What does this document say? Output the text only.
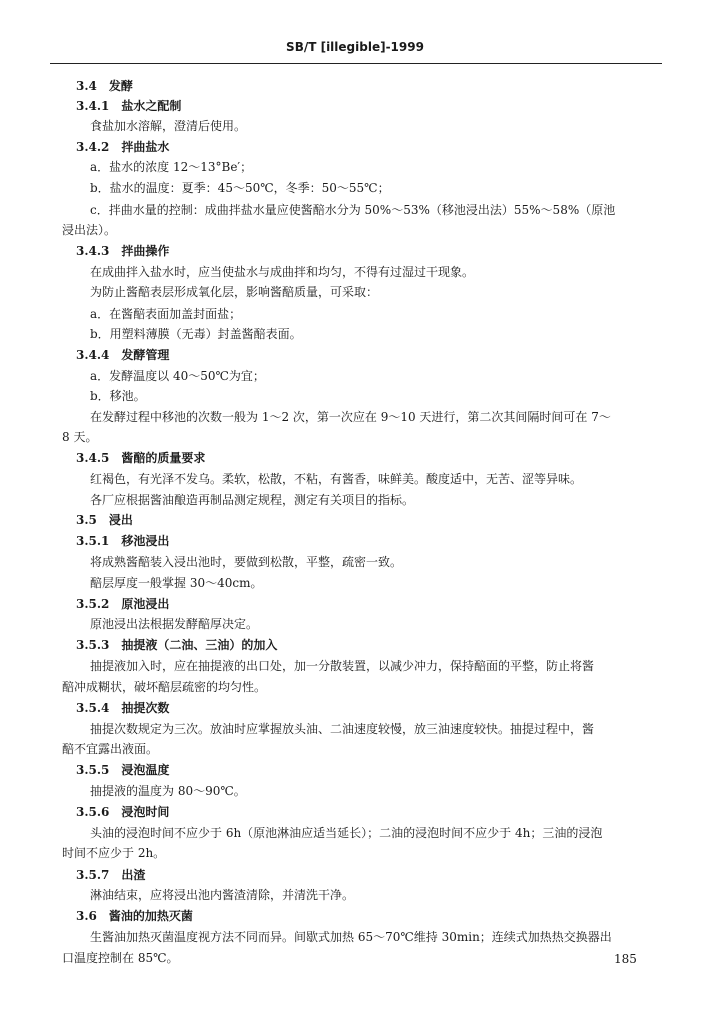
SB/T [illegible]-1999
3.4　发酵
3.4.1　盐水之配制
食盐加水溶解，澄清后使用。
3.4.2　拌曲盐水
a．盐水的浓度 12～13°Be′；
b．盐水的温度：夏季：45～50℃，冬季：50～55℃；
c．拌曲水量的控制：成曲拌盐水量应使酱醅水分为 50%～53%（移池浸出法）55%～58%（原池
浸出法）。
3.4.3　拌曲操作
在成曲拌入盐水时，应当使盐水与成曲拌和均匀，不得有过湿过干现象。
为防止酱醅表层形成氧化层，影响酱醅质量，可采取：
a．在酱醅表面加盖封面盐；
b．用塑料薄膜（无毒）封盖酱醅表面。
3.4.4　发酵管理
a．发酵温度以 40～50℃为宜；
b．移池。
在发酵过程中移池的次数一般为 1～2 次，第一次应在 9～10 天进行，第二次其间隔时间可在 7～
8 天。
3.4.5　酱醅的质量要求
红褐色，有光泽不发乌。柔软，松散，不粘，有酱香，味鲜美。酸度适中，无苦、涩等异味。
各厂应根据酱油酿造再制品测定规程，测定有关项目的指标。
3.5　浸出
3.5.1　移池浸出
将成熟酱醅装入浸出池时，要做到松散，平整，疏密一致。
醅层厚度一般掌握 30～40cm。
3.5.2　原池浸出
原池浸出法根据发酵醅厚决定。
3.5.3　抽提液（二油、三油）的加入
抽提液加入时，应在抽提液的出口处，加一分散装置，以减少冲力，保持醅面的平整，防止将酱
醅冲成糊状，破坏醅层疏密的均匀性。
3.5.4　抽提次数
抽提次数规定为三次。放油时应掌握放头油、二油速度较慢，放三油速度较快。抽提过程中，酱
醅不宜露出液面。
3.5.5　浸泡温度
抽提液的温度为 80～90℃。
3.5.6　浸泡时间
头油的浸泡时间不应少于 6h（原池淋油应适当延长）；二油的浸泡时间不应少于 4h；三油的浸泡
时间不应少于 2h。
3.5.7　出渣
淋油结束，应将浸出池内酱渣清除，并清洗干净。
3.6　酱油的加热灭菌
生酱油加热灭菌温度视方法不同而异。间歇式加热 65～70℃维持 30min；连续式加热热交换器出
口温度控制在 85℃。	185
